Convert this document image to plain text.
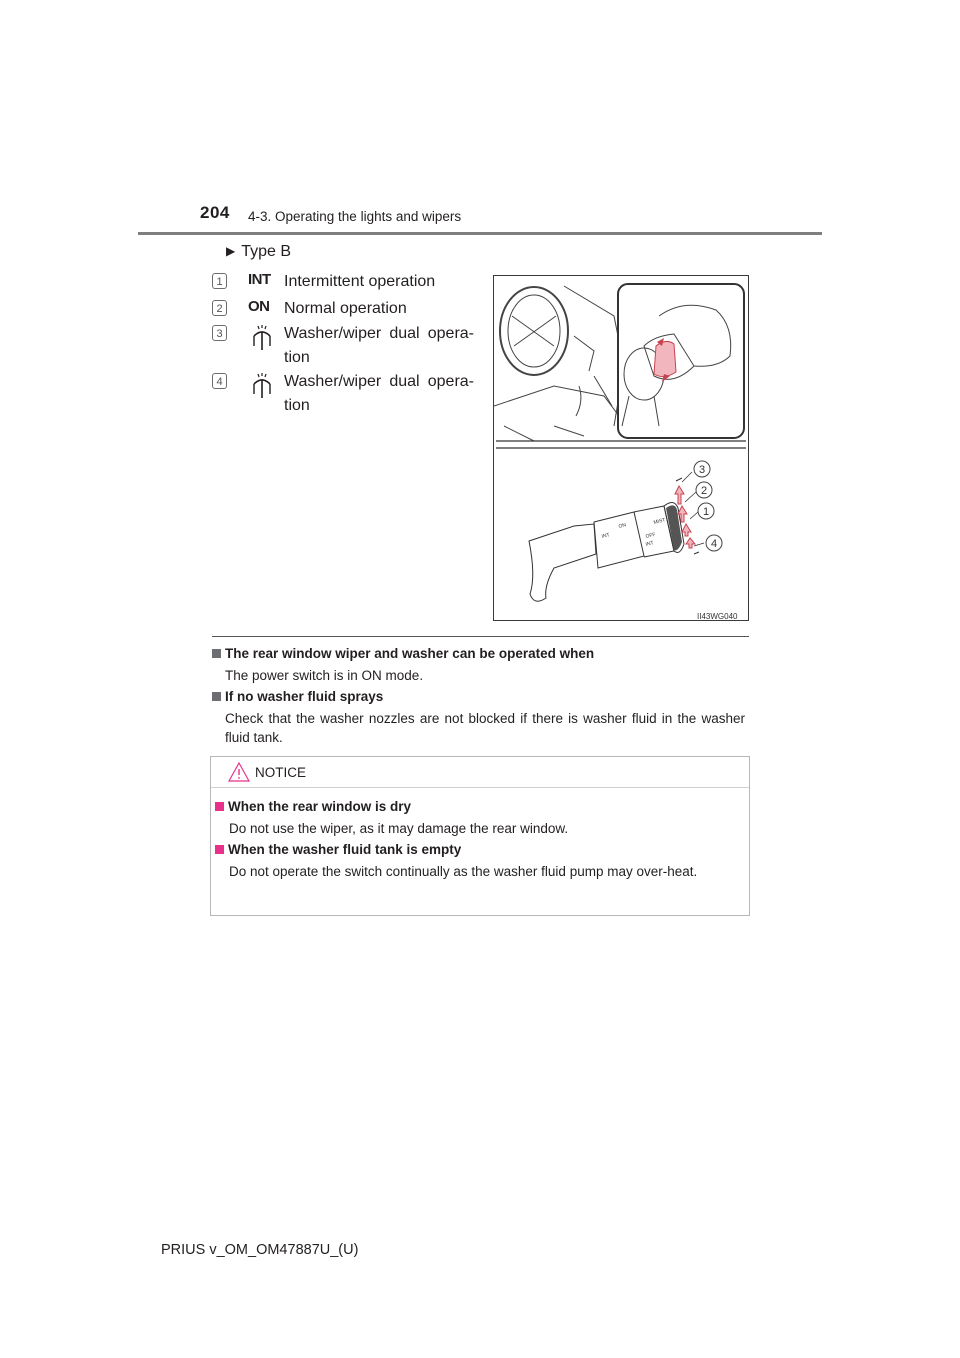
204 4-3. Operating the lights and wipers
▶ Type B
1 INT Intermittent operation
2 ON Normal operation
3	Washer/wiper dual opera-tion
4	Washer/wiper dual opera-tion
INT
ON
OFF
INT
MIST
3
2
1
4
II43WG040
The rear window wiper and washer can be operated when
The power switch is in ON mode.
If no washer fluid sprays
Check that the washer nozzles are not blocked if there is washer fluid in the washer fluid tank.
NOTICE
When the rear window is dry
Do not use the wiper, as it may damage the rear window.
When the washer fluid tank is empty
Do not operate the switch continually as the washer fluid pump may over-heat.
PRIUS v_OM_OM47887U_(U)
